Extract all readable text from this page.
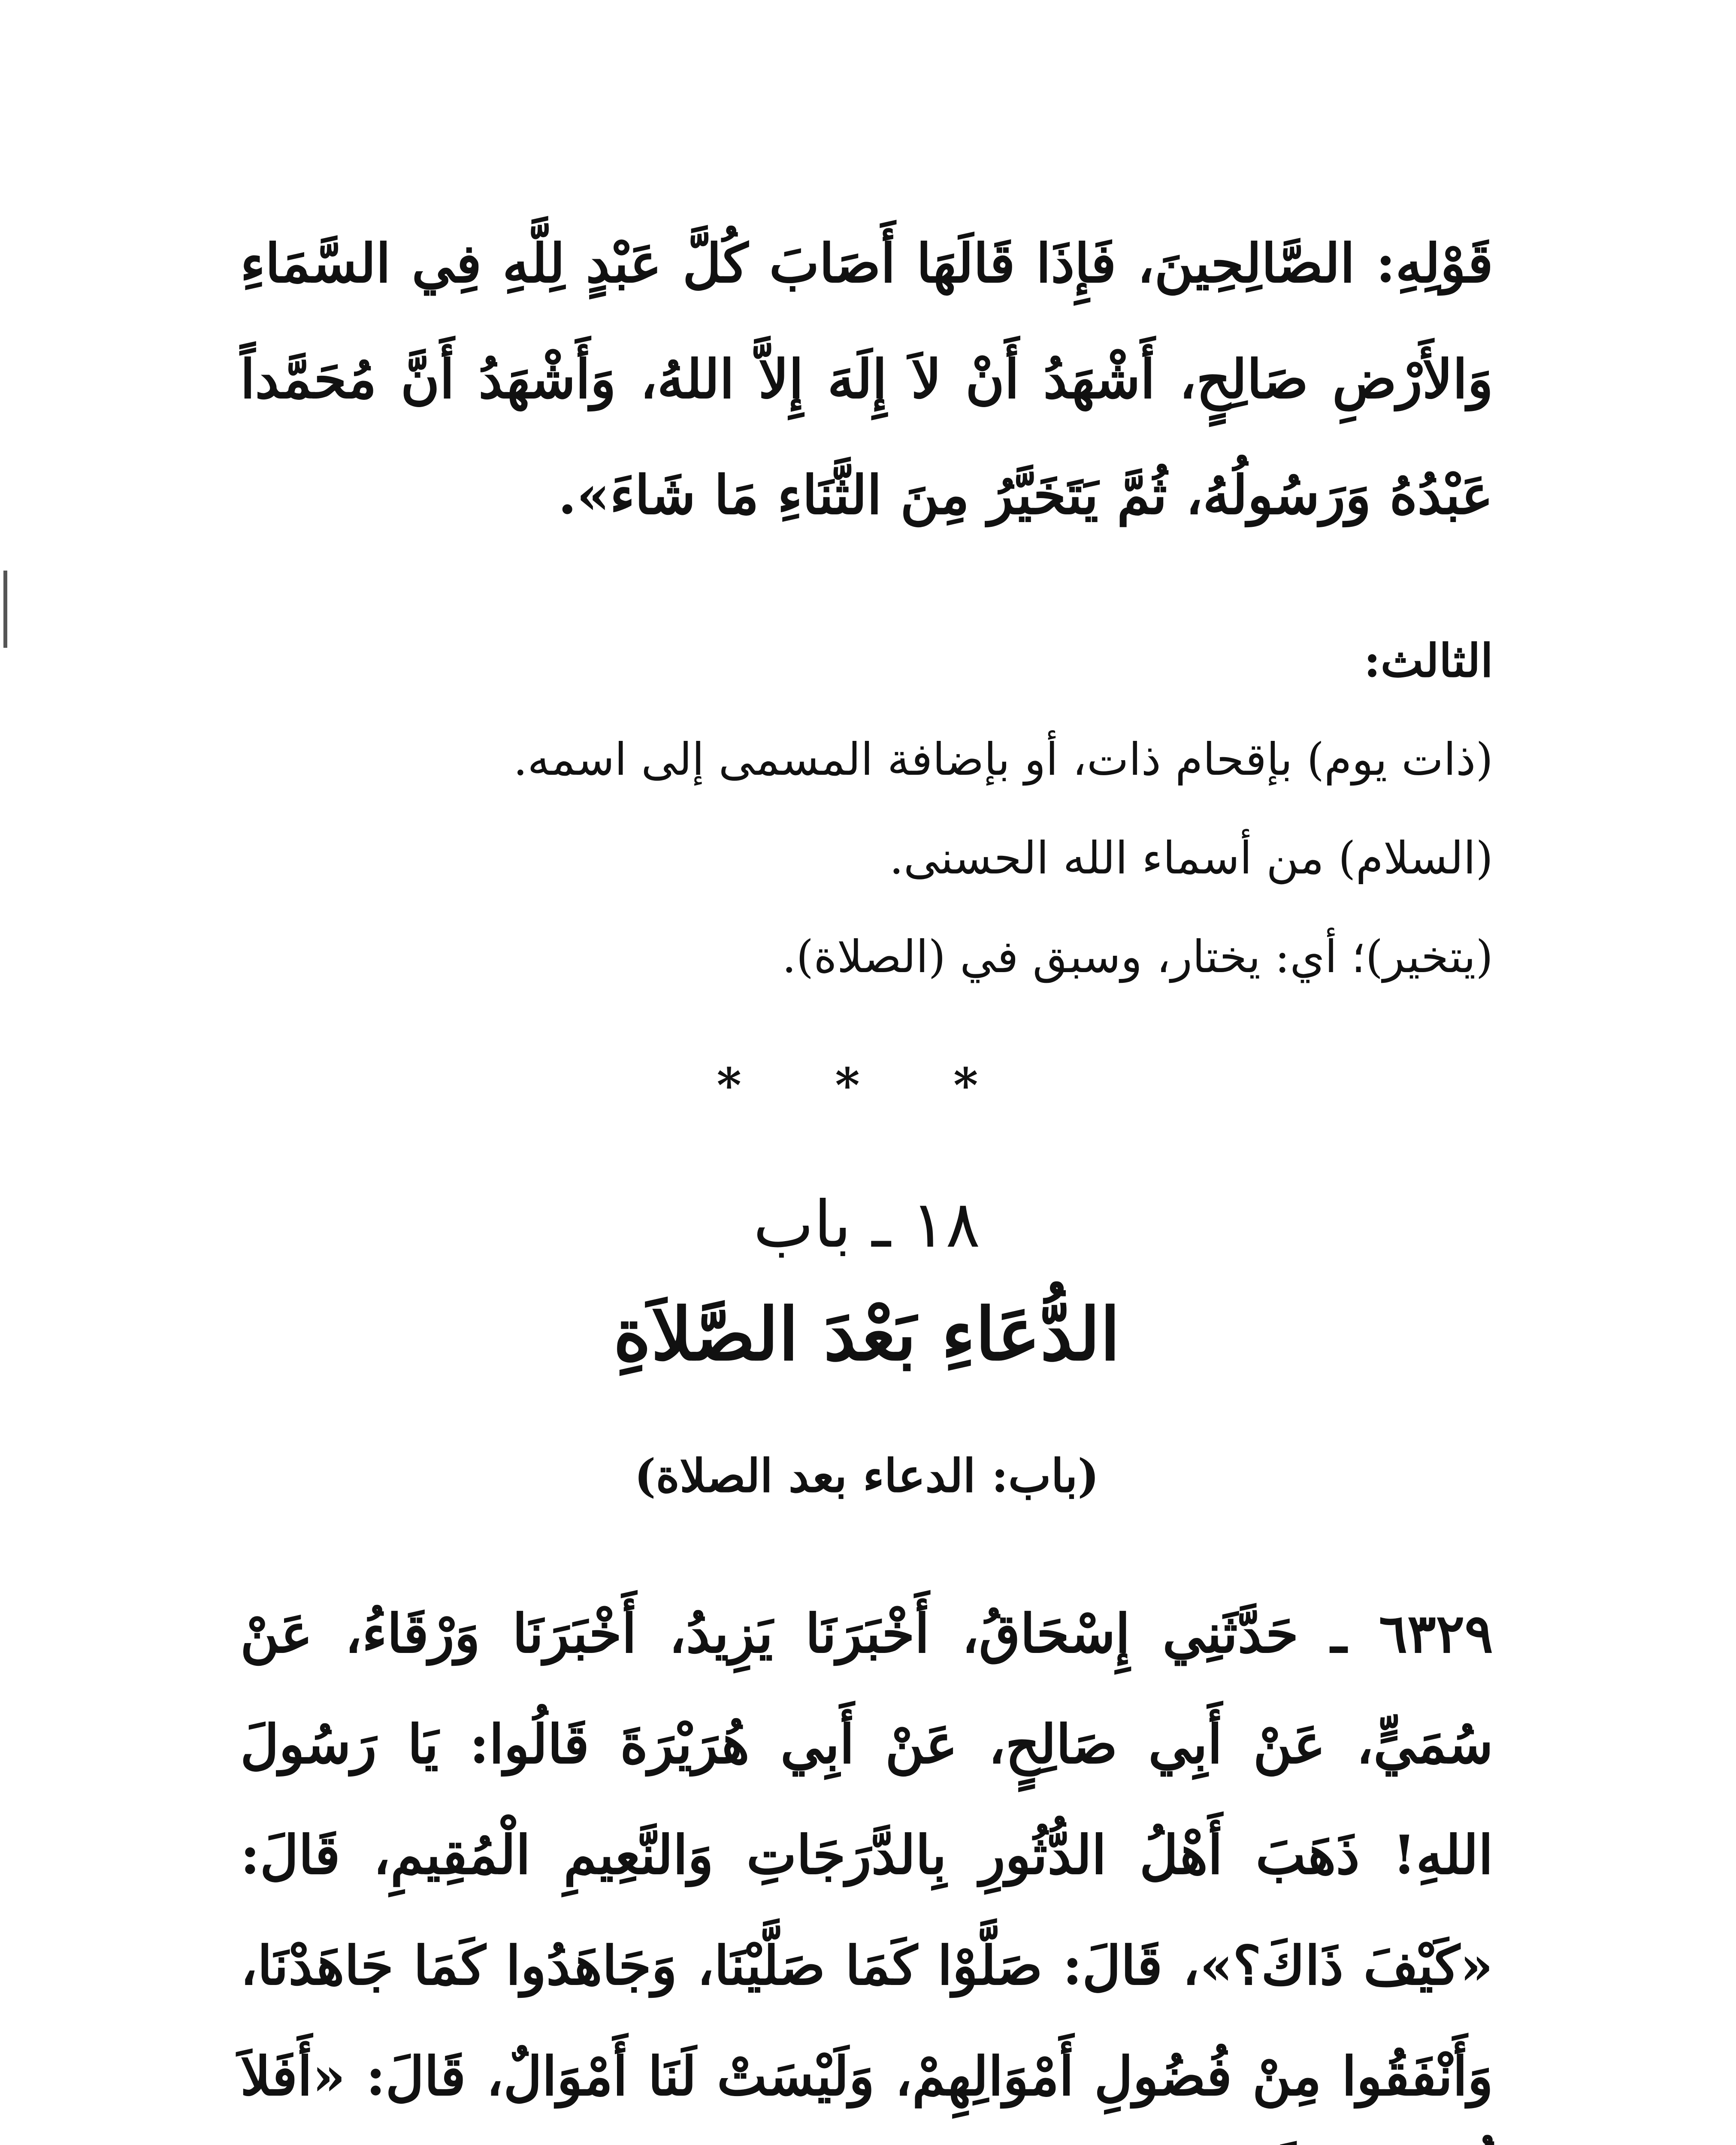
قَوْلِهِ: الصَّالِحِينَ، فَإِذَا قَالَهَا أَصَابَ كُلَّ عَبْدٍ لِلَّهِ فِي السَّمَاءِ وَالأَرْضِ صَالِحٍ، أَشْهَدُ أَنْ لاَ إِلَهَ إِلاَّ اللهُ، وَأَشْهَدُ أَنَّ مُحَمَّداً عَبْدُهُ وَرَسُولُهُ، ثُمَّ يَتَخَيَّرُ مِنَ الثَّنَاءِ مَا شَاءَ».

الثالث:

(ذات يوم) بإقحام ذات، أو بإضافة المسمى إلى اسمه.

(السلام) من أسماء الله الحسنى.

(يتخير)؛ أي: يختار، وسبق في (الصلاة).

* * *
١٨ ـ باب
الدُّعَاءِ بَعْدَ الصَّلاَةِ
(باب: الدعاء بعد الصلاة)

٦٣٢٩ ـ حَدَّثَنِي إِسْحَاقُ، أَخْبَرَنَا يَزِيدُ، أَخْبَرَنَا وَرْقَاءُ، عَنْ سُمَيٍّ، عَنْ أَبِي صَالِحٍ، عَنْ أَبِي هُرَيْرَةَ قَالُوا: يَا رَسُولَ اللهِ! ذَهَبَ أَهْلُ الدُّثُورِ بِالدَّرَجَاتِ وَالنَّعِيمِ الْمُقِيمِ، قَالَ: «كَيْفَ ذَاكَ؟»، قَالَ: صَلَّوْا كَمَا صَلَّيْنَا، وَجَاهَدُوا كَمَا جَاهَدْنَا، وَأَنْفَقُوا مِنْ فُضُولِ أَمْوَالِهِمْ، وَلَيْسَتْ لَنَا أَمْوَالٌ، قَالَ: «أَفَلاَ
